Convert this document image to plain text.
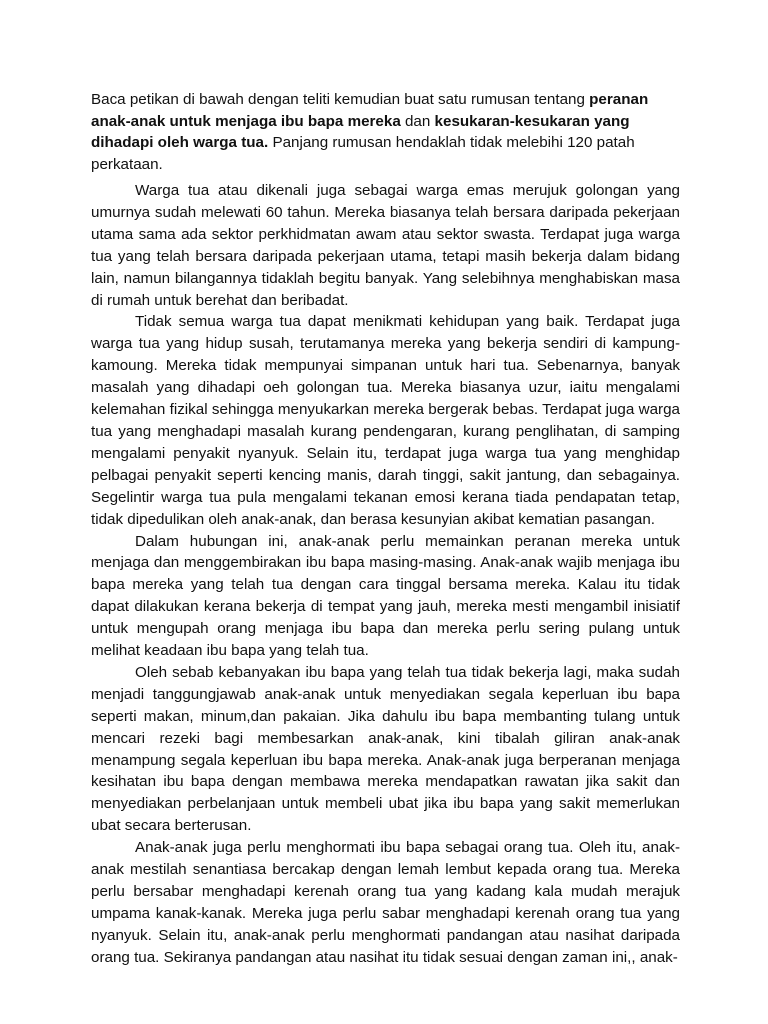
Baca petikan di bawah dengan teliti kemudian buat satu rumusan tentang peranan anak-anak untuk menjaga ibu bapa mereka dan kesukaran-kesukaran yang dihadapi oleh warga tua. Panjang rumusan hendaklah tidak melebihi 120 patah perkataan.

Warga tua atau dikenali juga sebagai warga emas merujuk golongan yang umurnya sudah melewati 60 tahun. Mereka biasanya telah bersara daripada pekerjaan utama sama ada sektor perkhidmatan awam atau sektor swasta. Terdapat juga warga tua yang telah bersara daripada pekerjaan utama, tetapi masih bekerja dalam bidang lain, namun bilangannya tidaklah begitu banyak. Yang selebihnya menghabiskan masa di rumah untuk berehat dan beribadat.

Tidak semua warga tua dapat menikmati kehidupan yang baik. Terdapat juga warga tua yang hidup susah, terutamanya mereka yang bekerja sendiri di kampung-kamoung. Mereka tidak mempunyai simpanan untuk hari tua. Sebenarnya, banyak masalah yang dihadapi oeh golongan tua. Mereka biasanya uzur, iaitu mengalami kelemahan fizikal sehingga menyukarkan mereka bergerak bebas. Terdapat juga warga tua yang menghadapi masalah kurang pendengaran, kurang penglihatan, di samping mengalami penyakit nyanyuk. Selain itu, terdapat juga warga tua yang menghidap pelbagai penyakit seperti kencing manis, darah tinggi, sakit jantung, dan sebagainya. Segelintir warga tua pula mengalami tekanan emosi kerana tiada pendapatan tetap, tidak dipedulikan oleh anak-anak, dan berasa kesunyian akibat kematian pasangan.

Dalam hubungan ini, anak-anak perlu memainkan peranan mereka untuk menjaga dan menggembirakan ibu bapa masing-masing. Anak-anak wajib menjaga ibu bapa mereka yang telah tua dengan cara tinggal bersama mereka. Kalau itu tidak dapat dilakukan kerana bekerja di tempat yang jauh, mereka mesti mengambil inisiatif untuk mengupah orang menjaga ibu bapa dan mereka perlu sering pulang untuk melihat keadaan ibu bapa yang telah tua.

Oleh sebab kebanyakan ibu bapa yang telah tua tidak bekerja lagi, maka sudah menjadi tanggungjawab anak-anak untuk menyediakan segala keperluan ibu bapa seperti makan, minum,dan pakaian. Jika dahulu ibu bapa membanting tulang untuk mencari rezeki bagi membesarkan anak-anak, kini tibalah giliran anak-anak menampung segala keperluan ibu bapa mereka. Anak-anak juga berperanan menjaga kesihatan ibu bapa dengan membawa mereka mendapatkan rawatan jika sakit dan menyediakan perbelanjaan untuk membeli ubat jika ibu bapa yang sakit memerlukan ubat secara berterusan.

Anak-anak juga perlu menghormati ibu bapa sebagai orang tua. Oleh itu, anak-anak mestilah senantiasa bercakap dengan lemah lembut kepada orang tua. Mereka perlu bersabar menghadapi kerenah orang tua yang kadang kala mudah merajuk umpama kanak-kanak. Mereka juga perlu sabar menghadapi kerenah orang tua yang nyanyuk. Selain itu, anak-anak perlu menghormati pandangan atau nasihat daripada orang tua. Sekiranya pandangan atau nasihat itu tidak sesuai dengan zaman ini,, anak-
